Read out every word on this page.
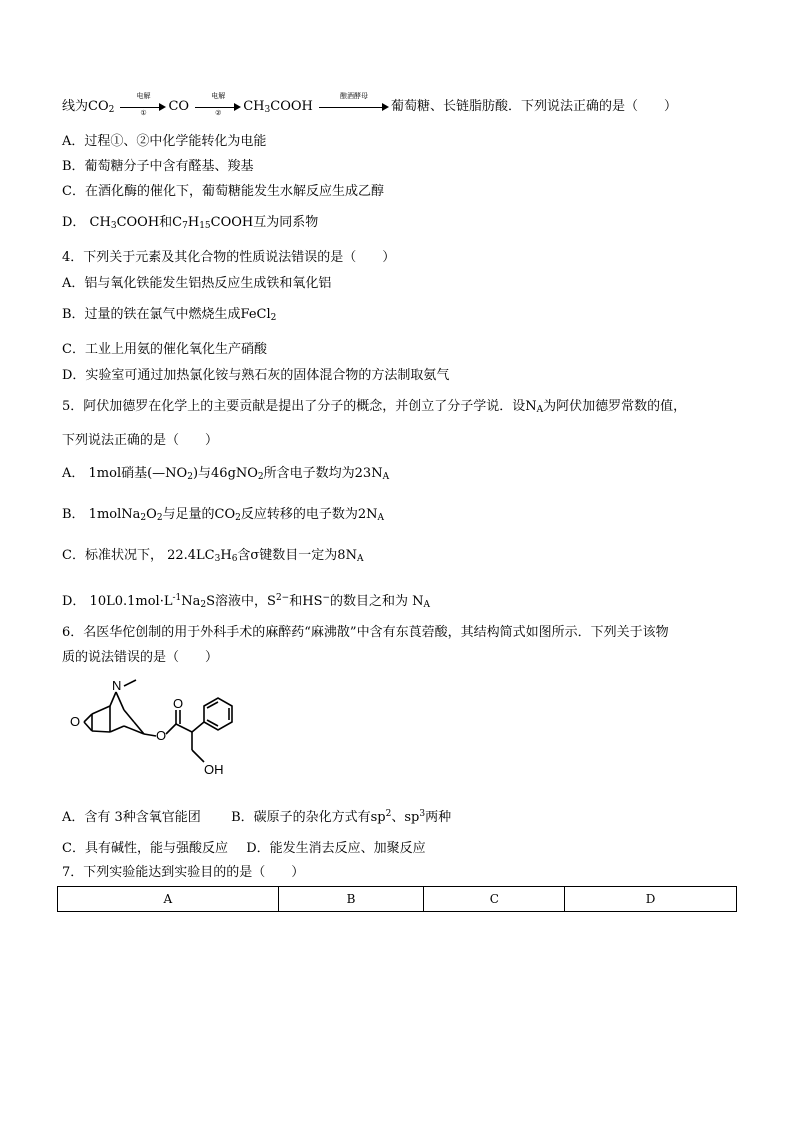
线为$CO_2$
电解
①	CO
电解
②	$CH_3COOH$
酿酒酵母
葡萄糖、长链脂肪酸．下列说法正确的是（　　）
A．过程①、②中化学能转化为电能
B．葡萄糖分子中含有醛基、羧基
C．在酒化酶的催化下，葡萄糖能发生水解反应生成乙醇
D． $CH_3COOH$和$C_7H_{15}COOH$互为同系物
4．下列关于元素及其化合物的性质说法错误的是（　　）
A．铝与氧化铁能发生铝热反应生成铁和氧化铝
B．过量的铁在氯气中燃烧生成FeCl$_2$
C．工业上用氨的催化氧化生产硝酸
D．实验室可通过加热氯化铵与熟石灰的固体混合物的方法制取氨气
5．阿伏加德罗在化学上的主要贡献是提出了分子的概念，并创立了分子学说．设$N_A$为阿伏加德罗常数的值，
下列说法正确的是（　　）
A． 1mol硝基$(—NO_2)$与46gNO$_2$所含电子数均为$23N_A$
B． $1molNa_2O_2$与足量的$CO_2$反应转移的电子数为$2N_A$
C．标准状况下， $22.4LC_3H_6$含σ键数目一定为$8N_A$
D． $10L0.1mol\cdot L^{-1}Na_2S$溶液中，$S^{2-}$和HS−的数目之和为 $N_A$
6．名医华佗创制的用于外科手术的麻醉药“麻沸散”中含有东莨菪酸，其结构简式如图所示．下列关于该物
质的说法错误的是（　　）
N
O
O
O
OH
A．含有 3种含氧官能团 B．碳原子的杂化方式有$sp^2$、$sp^3$两种
C．具有碱性，能与强酸反应 D．能发生消去反应、加聚反应
7．下列实验能达到实验目的的是（　　）
A	B	C	D
